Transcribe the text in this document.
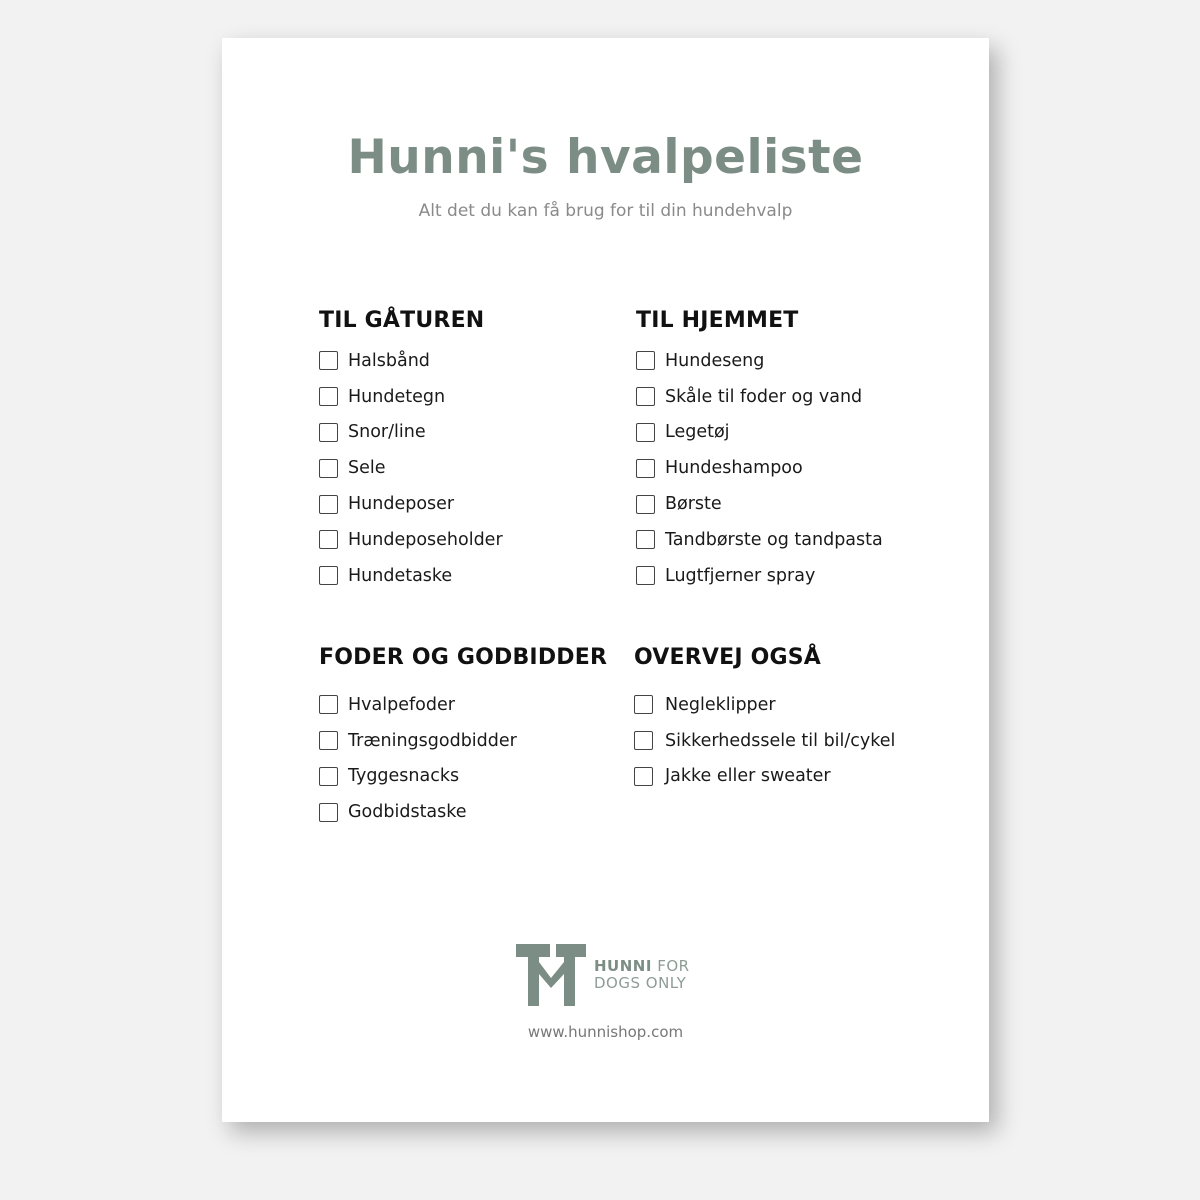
Hunni's hvalpeliste

Alt det du kan få brug for til din hundehvalp

TIL GÅTUREN
Halsbånd
Hundetegn
Snor/line
Sele
Hundeposer
Hundeposeholder
Hundetaske
TIL HJEMMET
Hundeseng
Skåle til foder og vand
Legetøj
Hundeshampoo
Børste
Tandbørste og tandpasta
Lugtfjerner spray
FODER OG GODBIDDER
Hvalpefoder
Træningsgodbidder
Tyggesnacks
Godbidstaske
OVERVEJ OGSÅ
Negleklipper
Sikkerhedssele til bil/cykel
Jakke eller sweater
HUNNI FOR
DOGS ONLY
www.hunnishop.com
